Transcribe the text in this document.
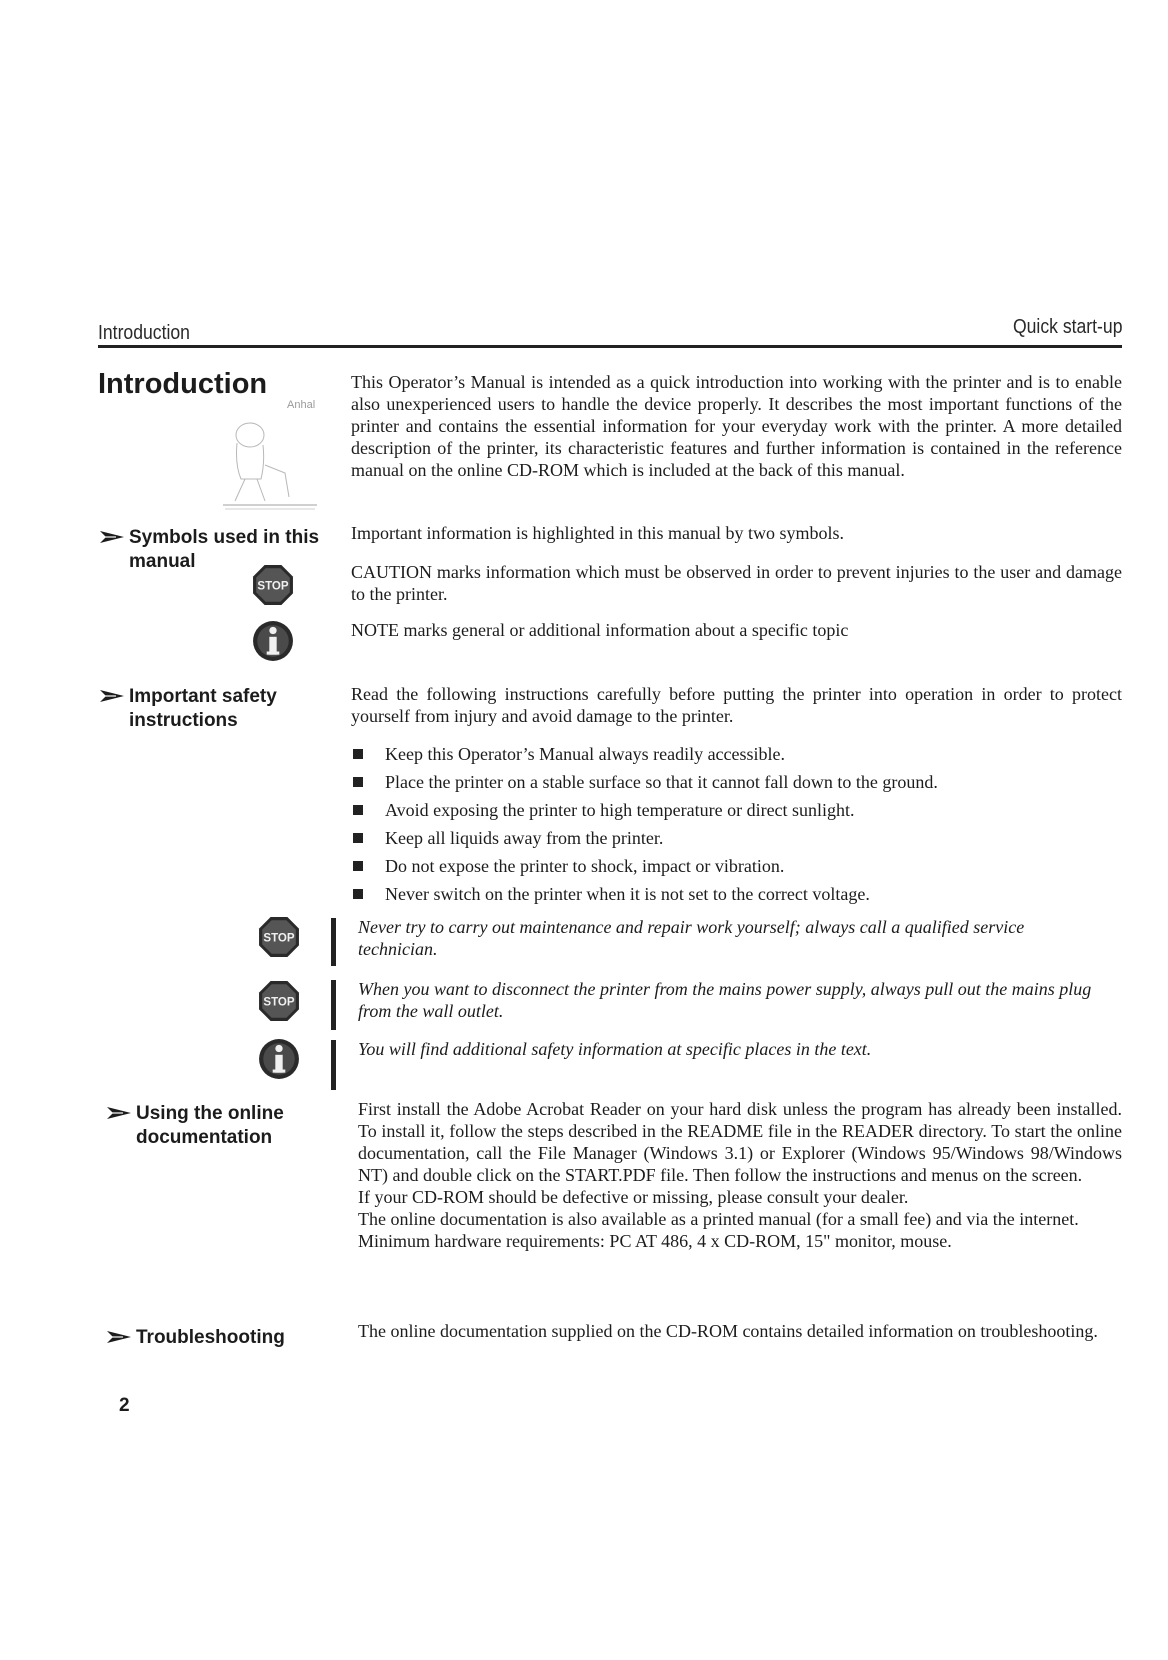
Introduction	Quick start-up
Introduction
Anhal

This Operator’s Manual is intended as a quick introduction into working with the printer and is to enable also unexperienced users to handle the device properly. It describes the most important functions of the printer and contains the essential information for your everyday work with the printer. A more detailed description of the printer, its characteristic features and further information is contained in the reference manual on the online CD-ROM which is included at the back of this manual.

Symbols used in this manual

Important information is highlighted in this manual by two symbols.

CAUTION marks information which must be observed in order to prevent injuries to the user and damage to the printer.

NOTE marks general or additional information about a specific topic

Important safety instructions

Read the following instructions carefully before putting the printer into operation in order to protect yourself from injury and avoid damage to the printer.

Keep this Operator’s Manual always readily accessible.
Place the printer on a stable surface so that it cannot fall down to the ground.
Avoid exposing the printer to high temperature or direct sunlight.
Keep all liquids away from the printer.
Do not expose the printer to shock, impact or vibration.
Never switch on the printer when it is not set to the correct voltage.

Never try to carry out maintenance and repair work yourself; always call a qualified service technician.

When you want to disconnect the printer from the mains power supply, always pull out the mains plug from the wall outlet.

You will find additional safety information at specific places in the text.

Using the online documentation

First install the Adobe Acrobat Reader on your hard disk unless the program has already been installed. To install it, follow the steps described in the README file in the READER directory. To start the online documentation, call the File Manager (Windows 3.1) or Explorer (Windows 95/Windows 98/Windows NT) and double click on the START.PDF file. Then follow the instructions and menus on the screen.

If your CD-ROM should be defective or missing, please consult your dealer.

The online documentation is also available as a printed manual (for a small fee) and via the internet.

Minimum hardware requirements: PC AT 486, 4 x CD-ROM, 15" monitor, mouse.

Troubleshooting	The online documentation supplied on the CD-ROM contains detailed information on troubleshooting.

2
